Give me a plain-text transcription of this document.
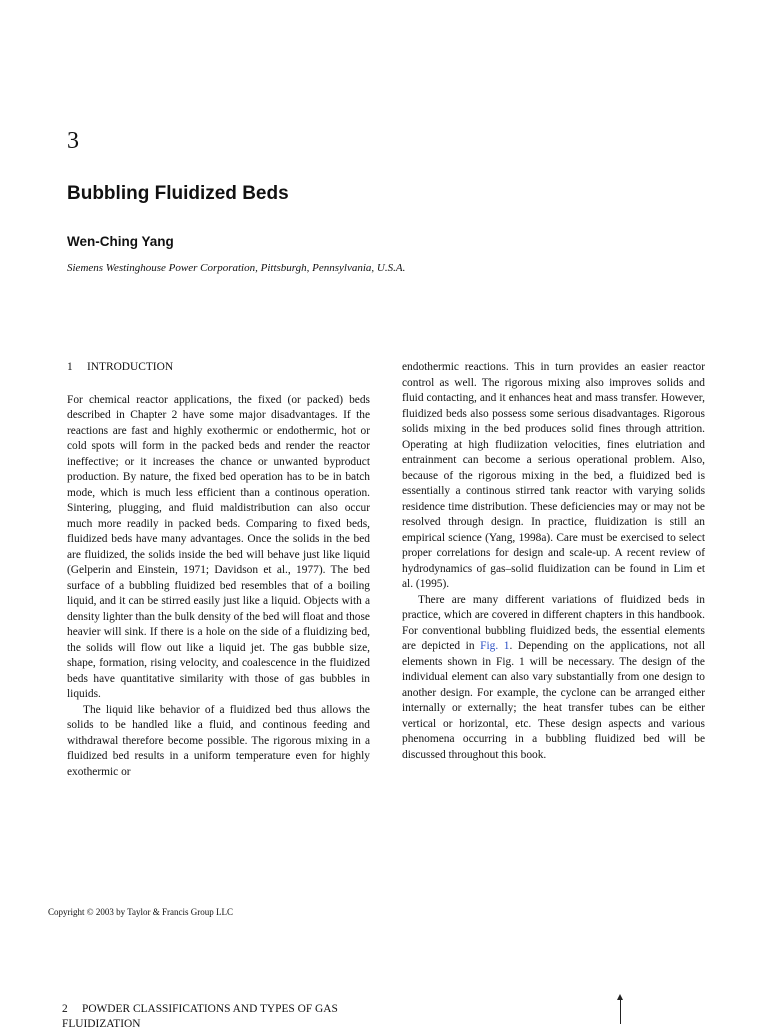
3
Bubbling Fluidized Beds
Wen-Ching Yang
Siemens Westinghouse Power Corporation, Pittsburgh, Pennsylvania, U.S.A.
1 INTRODUCTION

For chemical reactor applications, the fixed (or packed) beds described in Chapter 2 have some major disadvantages. If the reactions are fast and highly exothermic or endothermic, hot or cold spots will form in the packed beds and render the reactor ineffective; or it increases the chance or unwanted byproduct production. By nature, the fixed bed operation has to be in batch mode, which is much less efficient than a continous operation. Sintering, plugging, and fluid maldistribution can also occur much more readily in packed beds. Comparing to fixed beds, fluidized beds have many advantages. Once the solids in the bed are fluidized, the solids inside the bed will behave just like liquid (Gelperin and Einstein, 1971; Davidson et al., 1977). The bed surface of a bubbling fluidized bed resembles that of a boiling liquid, and it can be stirred easily just like a liquid. Objects with a density lighter than the bulk density of the bed will float and those heavier will sink. If there is a hole on the side of a fluidizing bed, the solids will flow out like a liquid jet. The gas bubble size, shape, formation, rising velocity, and coalescence in the fluidized beds have quantitative similarity with those of gas bubbles in liquids.

The liquid like behavior of a fluidized bed thus allows the solids to be handled like a fluid, and continous feeding and withdrawal therefore become possible. The rigorous mixing in a fluidized bed results in a uniform temperature even for highly exothermic or

endothermic reactions. This in turn provides an easier reactor control as well. The rigorous mixing also improves solids and fluid contacting, and it enhances heat and mass transfer. However, fluidized beds also possess some serious disadvantages. Rigorous solids mixing in the bed produces solid fines through attrition. Operating at high fludiization velocities, fines elutriation and entrainment can become a serious operational problem. Also, because of the rigorous mixing in the bed, a fluidized bed is essentially a continous stirred tank reactor with varying solids residence time distribution. These deficiencies may or may not be resolved through design. In practice, fluidization is still an empirical science (Yang, 1998a). Care must be exercised to select proper correlations for design and scale-up. A recent review of hydrodynamics of gas–solid fluidization can be found in Lim et al. (1995).

There are many different variations of fluidized beds in practice, which are covered in different chapters in this handbook. For conventional bubbling fluidized beds, the essential elements are depicted in Fig. 1. Depending on the applications, not all elements shown in Fig. 1 will be necessary. The design of the individual element can also vary substantially from one design to another design. For example, the cyclone can be arranged either internally or externally; the heat transfer tubes can be either vertical or horizontal, etc. These design aspects and various phenomena occurring in a bubbling fluidized bed will be discussed throughout this book.

Copyright © 2003 by Taylor & Francis Group LLC
2 POWDER CLASSIFICATIONS AND TYPES OF GAS FLUIDIZATION
